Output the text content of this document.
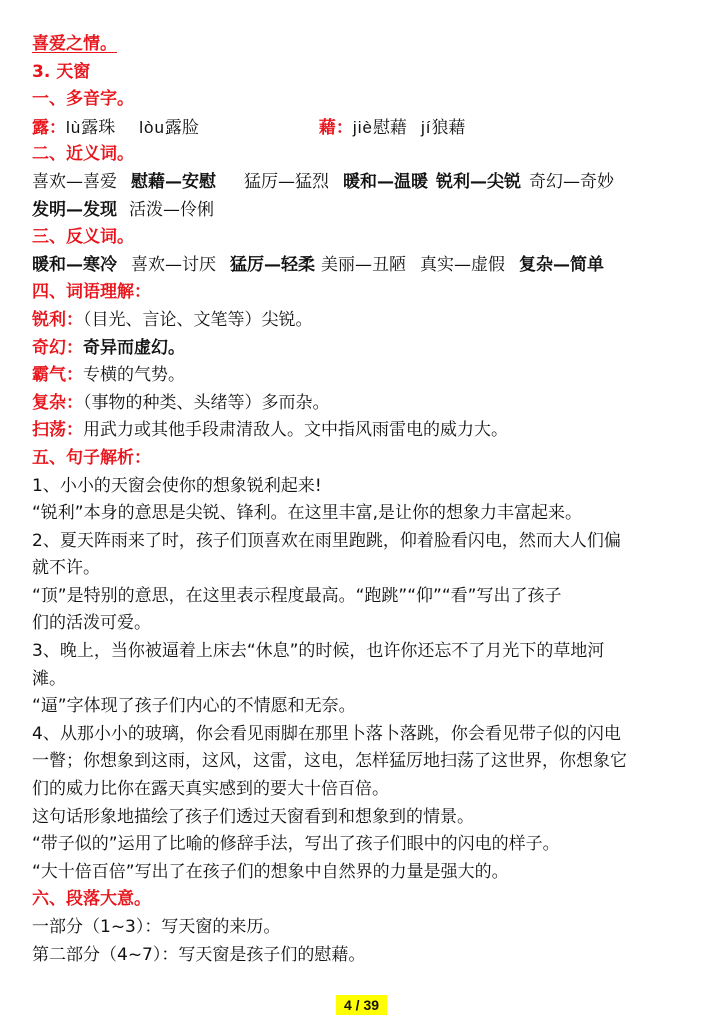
喜爱之情。
3. 天窗
一、多音字。
露：lù露珠 lòu露脸	藉：jiè慰藉 jí狼藉
二、近义词。
喜欢—喜爱 慰藉—安慰 猛厉—猛烈 暖和—温暖 锐利—尖锐 奇幻—奇妙
发明—发现 活泼—伶俐
三、反义词。
暖和—寒冷 喜欢—讨厌 猛厉—轻柔 美丽—丑陋 真实—虚假 复杂—简单
四、词语理解：
锐利：（目光、言论、文笔等）尖锐。
奇幻：奇异而虚幻。
霸气：专横的气势。
复杂：（事物的种类、头绪等）多而杂。
扫荡：用武力或其他手段肃清敌人。文中指风雨雷电的威力大。
五、句子解析：
1、小小的天窗会使你的想象锐利起来!
“锐利”本身的意思是尖锐、锋利。在这里丰富,是让你的想象力丰富起来。
2、夏天阵雨来了时，孩子们顶喜欢在雨里跑跳，仰着脸看闪电，然而大人们偏
就不许。
“顶”是特别的意思，在这里表示程度最高。“跑跳”“仰”“看”写出了孩子
们的活泼可爱。
3、晚上，当你被逼着上床去“休息”的时候，也许你还忘不了月光下的草地河
滩。
“逼”字体现了孩子们内心的不情愿和无奈。
4、从那小小的玻璃，你会看见雨脚在那里卜落卜落跳，你会看见带子似的闪电
一瞥；你想象到这雨，这风，这雷，这电，怎样猛厉地扫荡了这世界，你想象它
们的威力比你在露天真实感到的要大十倍百倍。
这句话形象地描绘了孩子们透过天窗看到和想象到的情景。
“带子似的”运用了比喻的修辞手法，写出了孩子们眼中的闪电的样子。
“大十倍百倍”写出了在孩子们的想象中自然界的力量是强大的。
六、段落大意。
一部分（1~3）：写天窗的来历。
第二部分（4~7）：写天窗是孩子们的慰藉。
4 / 39
